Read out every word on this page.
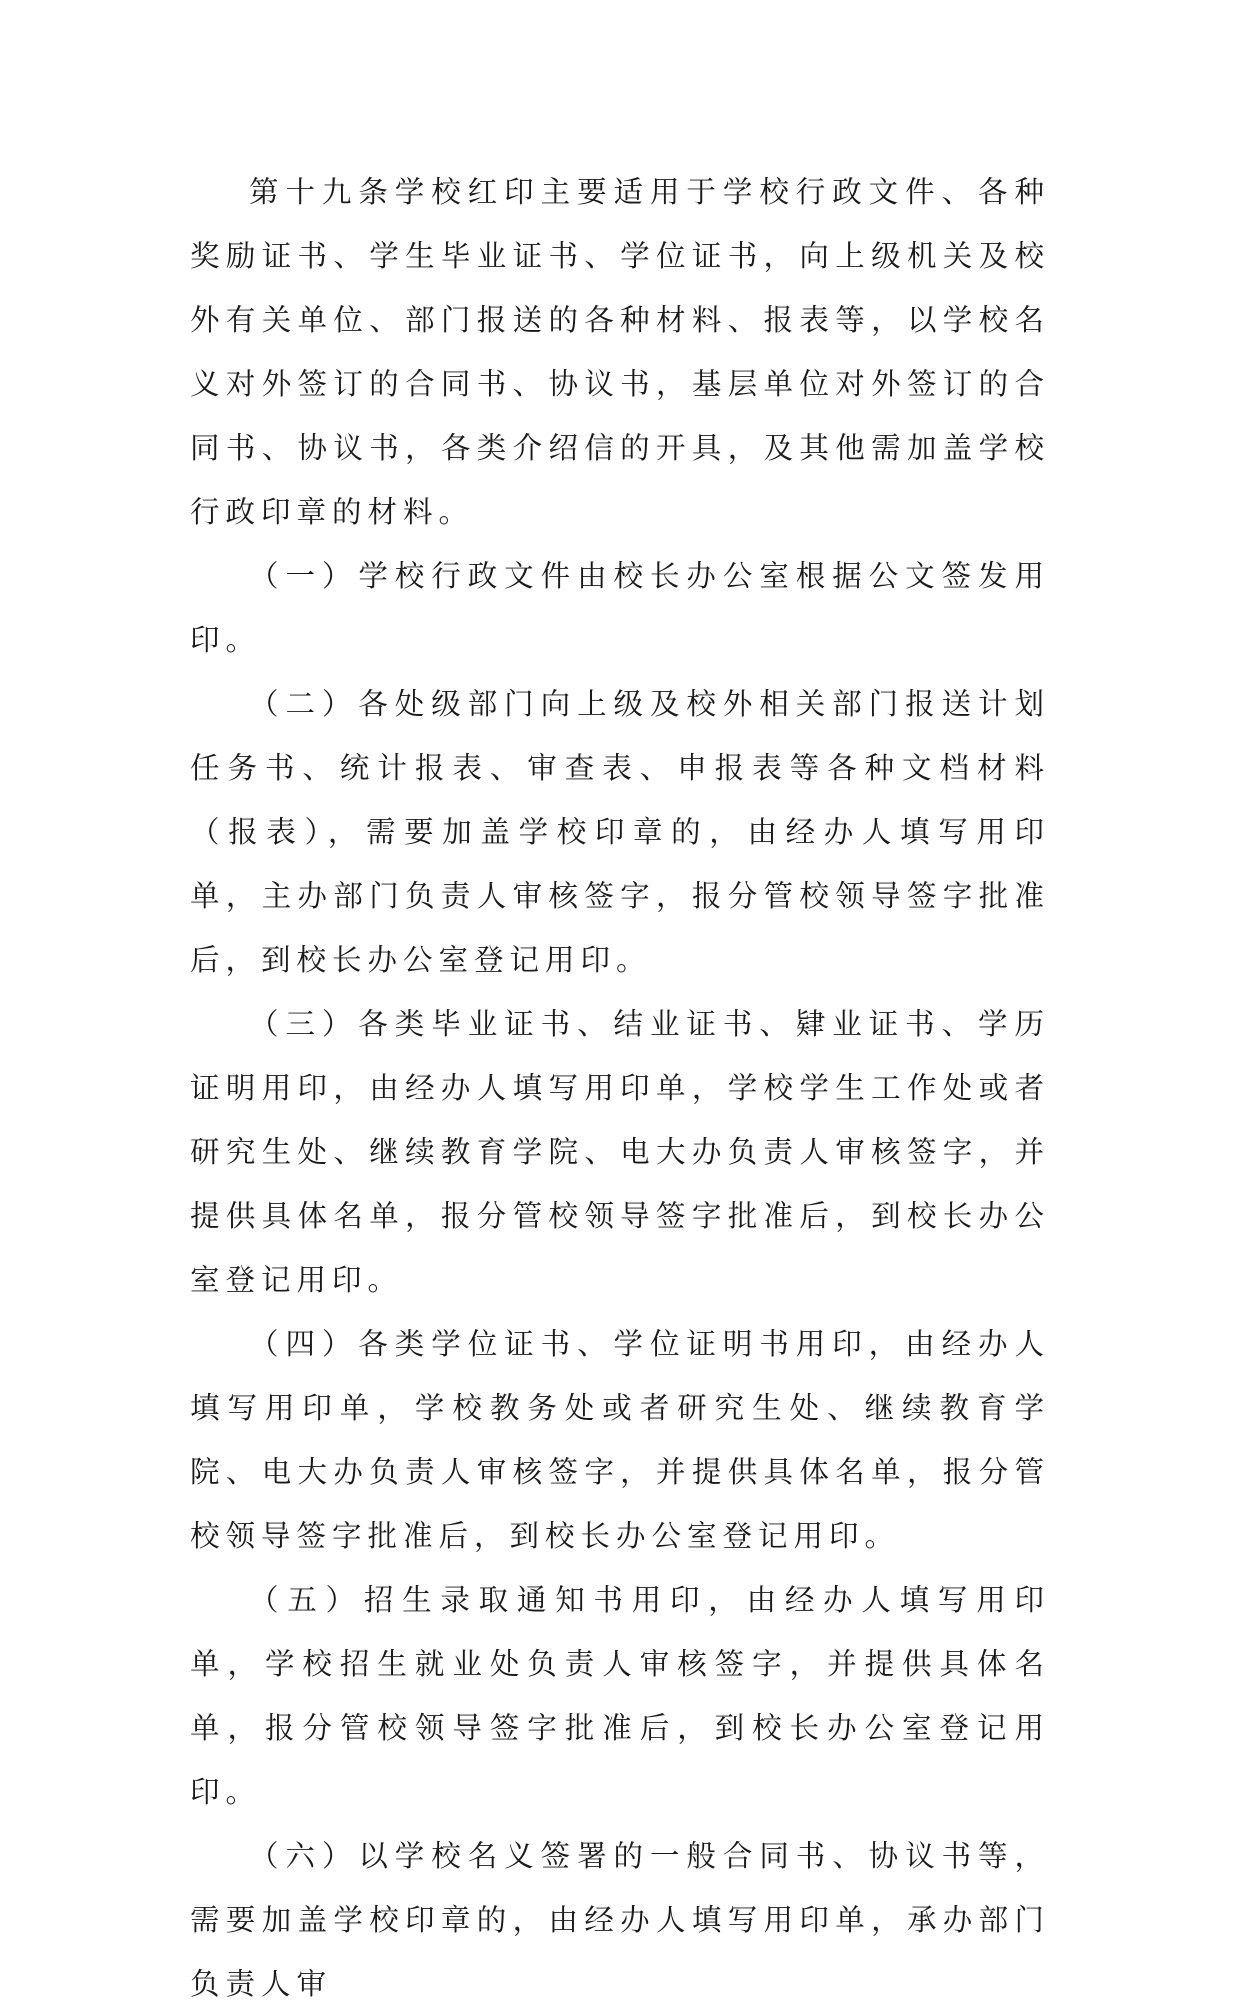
第十九条学校红印主要适用于学校行政文件、各种奖励证书、学生毕业证书、学位证书，向上级机关及校外有关单位、部门报送的各种材料、报表等，以学校名义对外签订的合同书、协议书，基层单位对外签订的合同书、协议书，各类介绍信的开具，及其他需加盖学校行政印章的材料。

（一）学校行政文件由校长办公室根据公文签发用印。

（二）各处级部门向上级及校外相关部门报送计划任务书、统计报表、审查表、申报表等各种文档材料（报表），需要加盖学校印章的，由经办人填写用印单，主办部门负责人审核签字，报分管校领导签字批准后，到校长办公室登记用印。

（三）各类毕业证书、结业证书、肄业证书、学历证明用印，由经办人填写用印单，学校学生工作处或者研究生处、继续教育学院、电大办负责人审核签字，并提供具体名单，报分管校领导签字批准后，到校长办公室登记用印。

（四）各类学位证书、学位证明书用印，由经办人填写用印单，学校教务处或者研究生处、继续教育学院、电大办负责人审核签字，并提供具体名单，报分管校领导签字批准后，到校长办公室登记用印。

（五）招生录取通知书用印，由经办人填写用印单，学校招生就业处负责人审核签字，并提供具体名单，报分管校领导签字批准后，到校长办公室登记用印。

（六）以学校名义签署的一般合同书、协议书等，需要加盖学校印章的，由经办人填写用印单，承办部门负责人审
